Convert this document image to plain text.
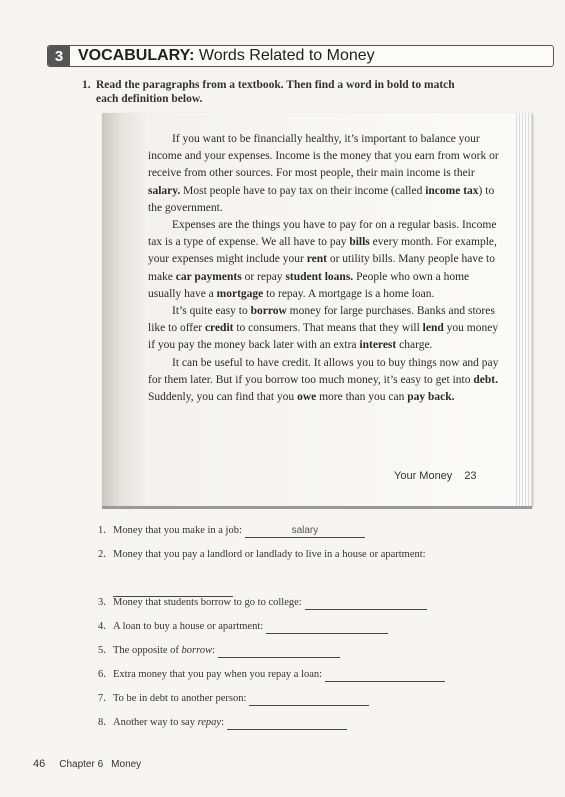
3 VOCABULARY: Words Related to Money
1. Read the paragraphs from a textbook. Then find a word in bold to match
each definition below.

If you want to be financially healthy, it’s important to balance your income and your expenses. Income is the money that you earn from work or receive from other sources. For most people, their main income is their salary. Most people have to pay tax on their income (called income tax) to the government.

Expenses are the things you have to pay for on a regular basis. Income tax is a type of expense. We all have to pay bills every month. For example, your expenses might include your rent or utility bills. Many people have to make car payments or repay student loans. People who own a home usually have a mortgage to repay. A mortgage is a home loan.

It’s quite easy to borrow money for large purchases. Banks and stores like to offer credit to consumers. That means that they will lend you money if you pay the money back later with an extra interest charge.

It can be useful to have credit. It allows you to buy things now and pay for them later. But if you borrow too much money, it’s easy to get into debt. Suddenly, you can find that you owe more than you can pay back.

Your Money 23
1. Money that you make in a job:	salary
2. Money that you pay a landlord or landlady to live in a house or apartment:
3. Money that students borrow to go to college:
4. A loan to buy a house or apartment:
5. The opposite of borrow:
6. Extra money that you pay when you repay a loan:
7. To be in debt to another person:
8. Another way to say repay:
46 Chapter 6 Money
